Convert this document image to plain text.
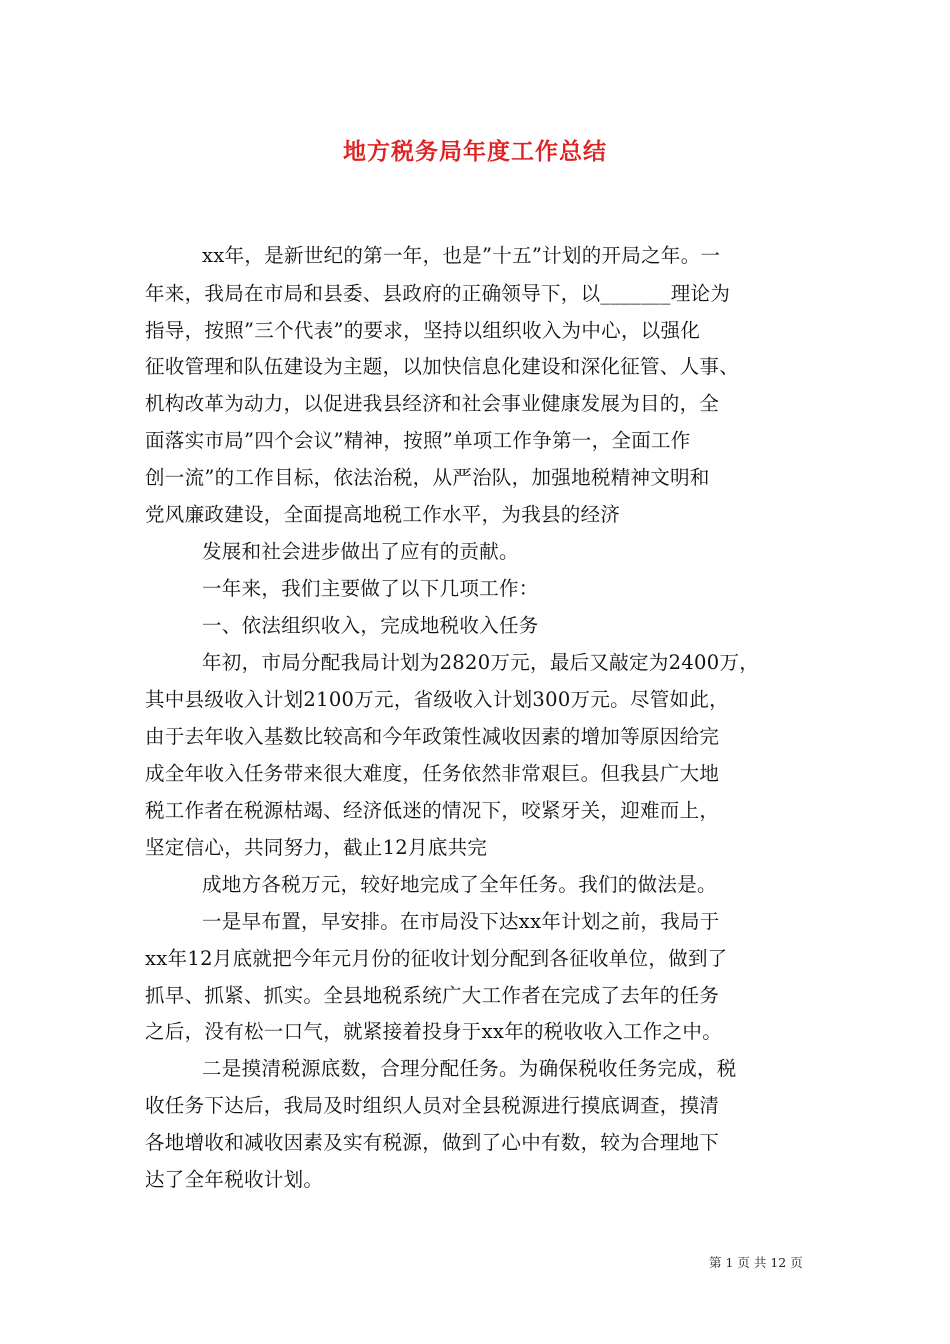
地方税务局年度工作总结
xx年，是新世纪的第一年，也是”十五”计划的开局之年。一
年来，我局在市局和县委、县政府的正确领导下，以_______理论为
指导，按照”三个代表”的要求，坚持以组织收入为中心，以强化
征收管理和队伍建设为主题，以加快信息化建设和深化征管、人事、
机构改革为动力，以促进我县经济和社会事业健康发展为目的，全
面落实市局”四个会议”精神，按照”单项工作争第一，全面工作
创一流”的工作目标，依法治税，从严治队，加强地税精神文明和
党风廉政建设，全面提高地税工作水平，为我县的经济
发展和社会进步做出了应有的贡献。
一年来，我们主要做了以下几项工作：
一、依法组织收入，完成地税收入任务
年初，市局分配我局计划为2820万元，最后又敲定为2400万，
其中县级收入计划2100万元，省级收入计划300万元。尽管如此，
由于去年收入基数比较高和今年政策性减收因素的增加等原因给完
成全年收入任务带来很大难度，任务依然非常艰巨。但我县广大地
税工作者在税源枯竭、经济低迷的情况下，咬紧牙关，迎难而上，
坚定信心，共同努力，截止12月底共完
成地方各税万元，较好地完成了全年任务。我们的做法是。
一是早布置，早安排。在市局没下达xx年计划之前，我局于
xx年12月底就把今年元月份的征收计划分配到各征收单位，做到了
抓早、抓紧、抓实。全县地税系统广大工作者在完成了去年的任务
之后，没有松一口气，就紧接着投身于xx年的税收收入工作之中。
二是摸清税源底数，合理分配任务。为确保税收任务完成，税
收任务下达后，我局及时组织人员对全县税源进行摸底调查，摸清
各地增收和减收因素及实有税源，做到了心中有数，较为合理地下
达了全年税收计划。
第 1 页 共 12 页
